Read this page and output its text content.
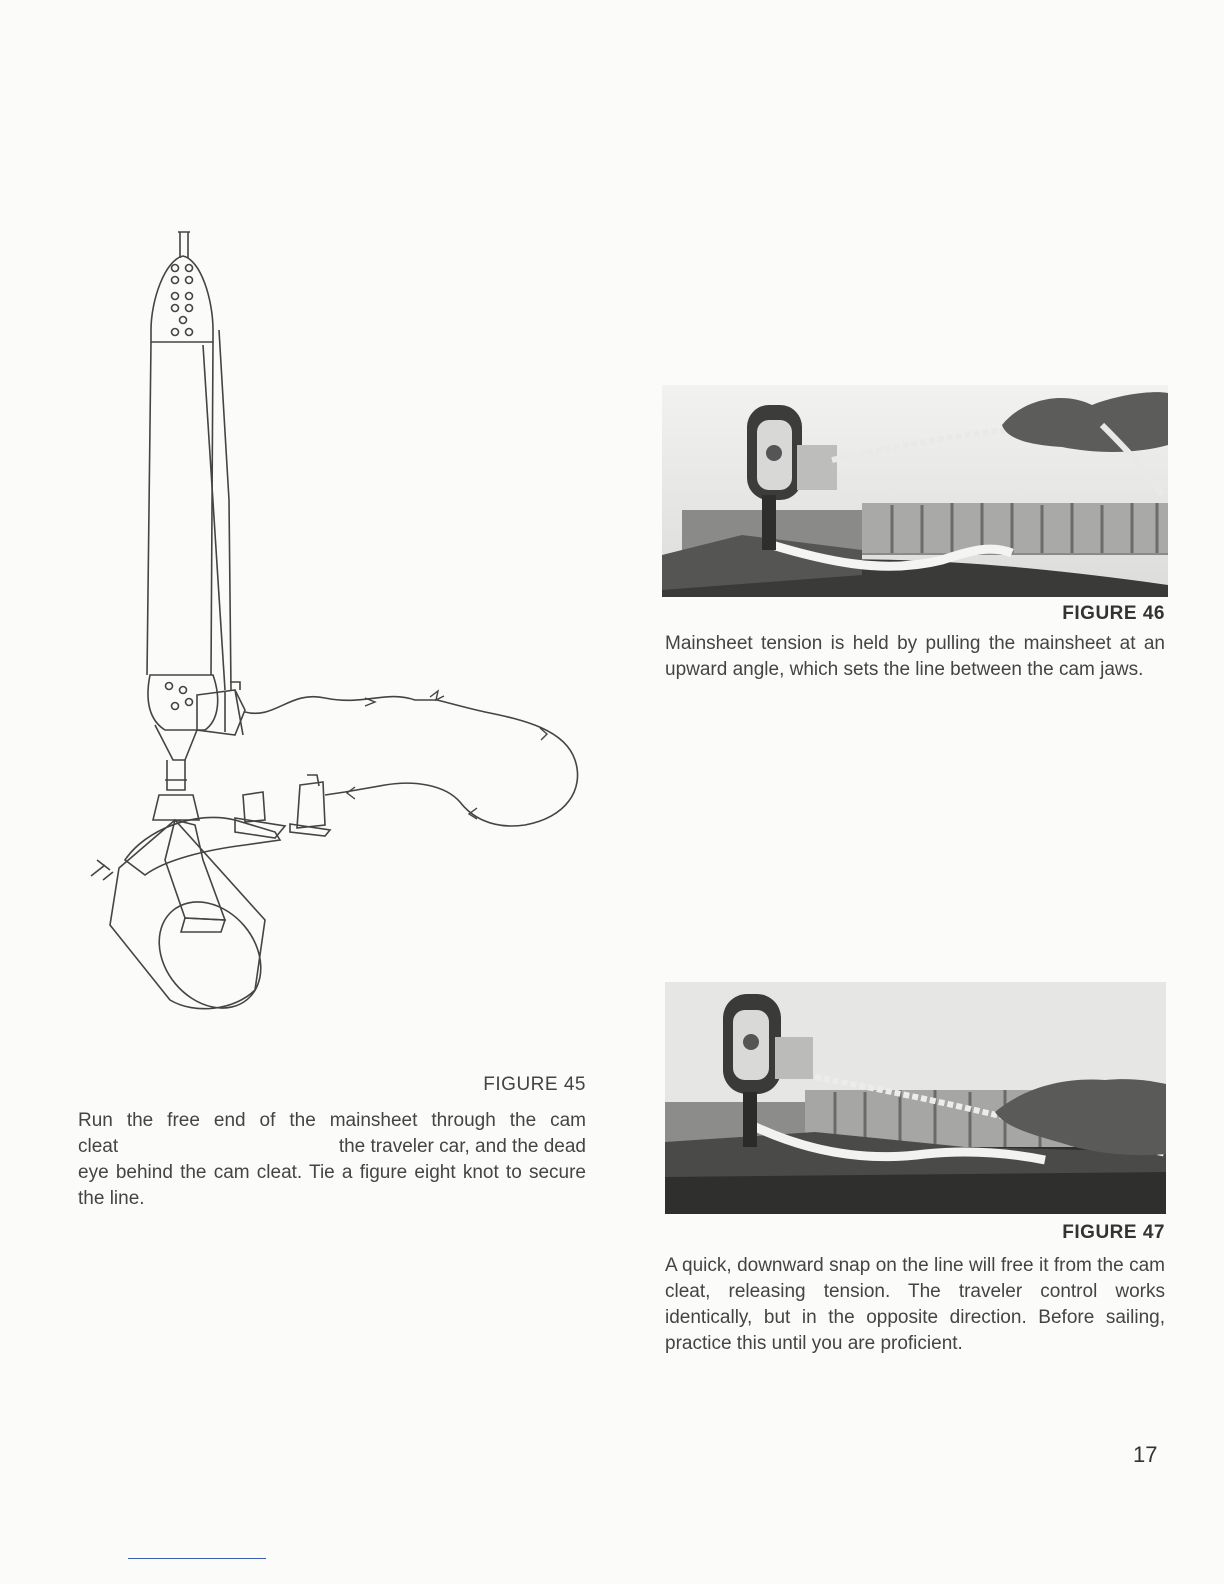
FIGURE 45
Run the free end of the mainsheet through the cam
cleat	the traveler car, and the dead
eye behind the cam cleat. Tie a figure eight knot to secure the line.
FIGURE 46
Mainsheet tension is held by pulling the mainsheet at an upward angle, which sets the line between the cam jaws.
FIGURE 47
A quick, downward snap on the line will free it from the cam cleat, releasing tension. The traveler control works identically, but in the opposite direction. Before sailing, practice this until you are proficient.
17
